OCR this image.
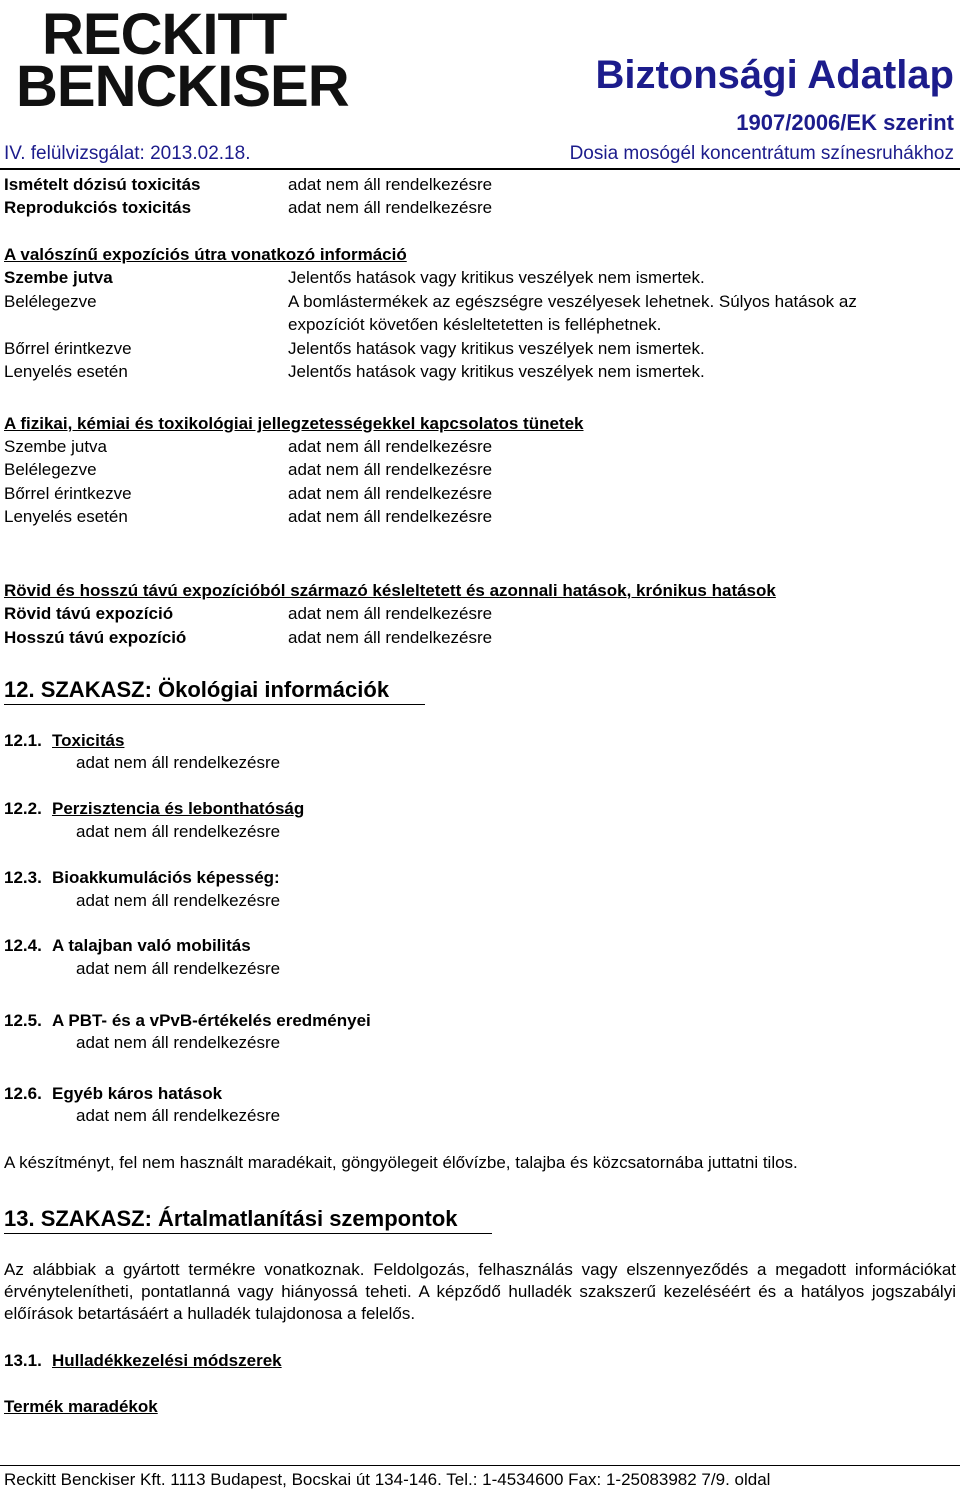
RECKITT
BENCKISER	Biztonsági Adatlap
1907/2006/EK szerint
IV. felülvizsgálat: 2013.02.18.	Dosia mosógél koncentrátum színesruhákhoz
Ismételt dózisú toxicitás	adat nem áll rendelkezésre
Reprodukciós toxicitás	adat nem áll rendelkezésre
A valószínű expozíciós útra vonatkozó információ
Szembe jutva	Jelentős hatások vagy kritikus veszélyek nem ismertek.
Belélegezve	A bomlástermékek az egészségre veszélyesek lehetnek. Súlyos hatások az
expozíciót követően késleltetetten is felléphetnek.
Bőrrel érintkezve	Jelentős hatások vagy kritikus veszélyek nem ismertek.
Lenyelés esetén	Jelentős hatások vagy kritikus veszélyek nem ismertek.
A fizikai, kémiai és toxikológiai jellegzetességekkel kapcsolatos tünetek
Szembe jutva	adat nem áll rendelkezésre
Belélegezve	adat nem áll rendelkezésre
Bőrrel érintkezve	adat nem áll rendelkezésre
Lenyelés esetén	adat nem áll rendelkezésre
Rövid és hosszú távú expozícióból származó késleltetett és azonnali hatások, krónikus hatások
Rövid távú expozíció	adat nem áll rendelkezésre
Hosszú távú expozíció	adat nem áll rendelkezésre
12. SZAKASZ: Ökológiai információk
12.1. Toxicitás
adat nem áll rendelkezésre
12.2. Perzisztencia és lebonthatóság
adat nem áll rendelkezésre
12.3. Bioakkumulációs képesség:
adat nem áll rendelkezésre
12.4. A talajban való mobilitás
adat nem áll rendelkezésre
12.5. A PBT- és a vPvB-értékelés eredményei
adat nem áll rendelkezésre
12.6. Egyéb káros hatások
adat nem áll rendelkezésre
A készítményt, fel nem használt maradékait, göngyölegeit élővízbe, talajba és közcsatornába juttatni tilos.
13. SZAKASZ: Ártalmatlanítási szempontok
Az alábbiak a gyártott termékre vonatkoznak. Feldolgozás, felhasználás vagy elszennyeződés a megadott információkat érvénytelenítheti, pontatlanná vagy hiányossá teheti. A képződő hulladék szakszerű kezeléséért és a hatályos jogszabályi előírások betartásáért a hulladék tulajdonosa a felelős.
13.1. Hulladékkezelési módszerek
Termék maradékok
Reckitt Benckiser Kft. 1113 Budapest, Bocskai út 134-146. Tel.: 1-4534600 Fax: 1-25083982 7/9. oldal
